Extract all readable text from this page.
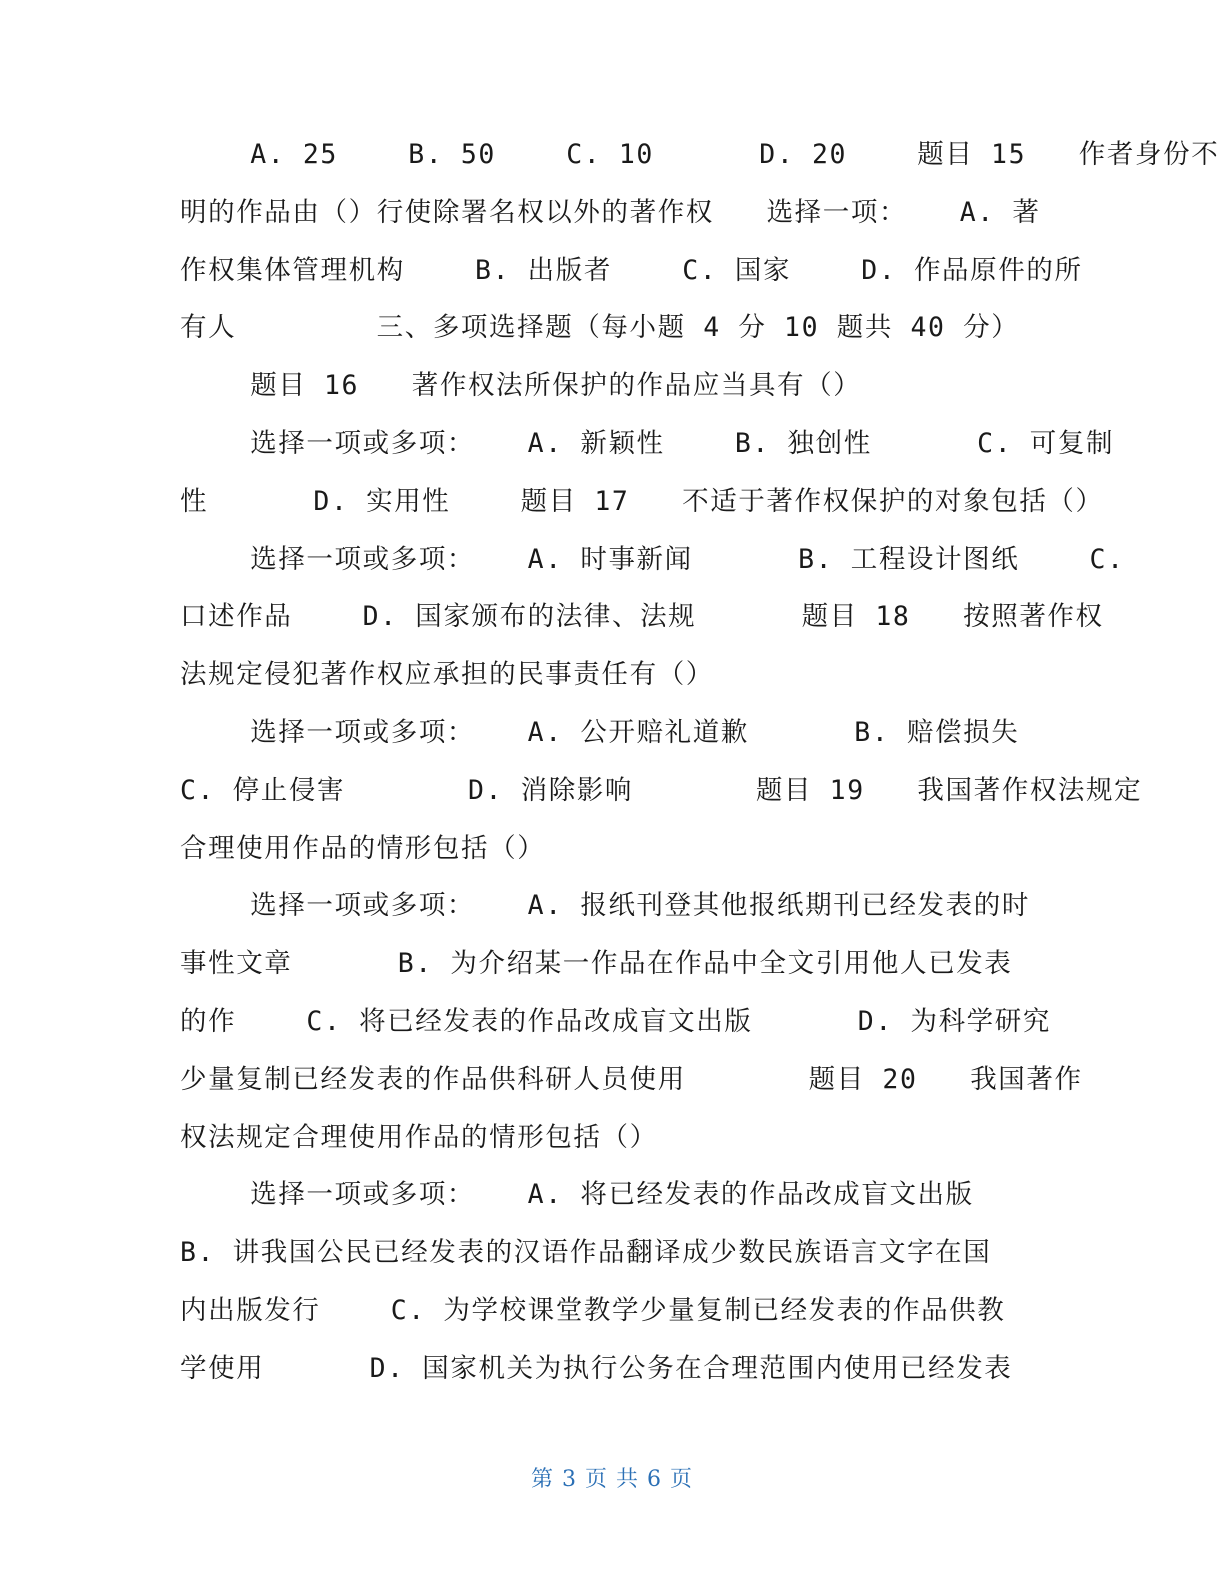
A. 25    B. 50    C. 10      D. 20    题目 15   作者身份不
明的作品由（）行使除署名权以外的著作权   选择一项：   A. 著
作权集体管理机构    B. 出版者    C. 国家    D. 作品原件的所
有人        三、多项选择题（每小题 4 分 10 题共 40 分）
题目 16   著作权法所保护的作品应当具有（）
选择一项或多项：   A. 新颖性    B. 独创性      C. 可复制
性      D. 实用性    题目 17   不适于著作权保护的对象包括（）
选择一项或多项：   A. 时事新闻      B. 工程设计图纸    C.
口述作品    D. 国家颁布的法律、法规      题目 18   按照著作权
法规定侵犯著作权应承担的民事责任有（）
选择一项或多项：   A. 公开赔礼道歉      B. 赔偿损失
C. 停止侵害       D. 消除影响       题目 19   我国著作权法规定
合理使用作品的情形包括（）
选择一项或多项：   A. 报纸刊登其他报纸期刊已经发表的时
事性文章      B. 为介绍某一作品在作品中全文引用他人已发表
的作    C. 将已经发表的作品改成盲文出版      D. 为科学研究
少量复制已经发表的作品供科研人员使用       题目 20   我国著作
权法规定合理使用作品的情形包括（）
选择一项或多项：   A. 将已经发表的作品改成盲文出版
B. 讲我国公民已经发表的汉语作品翻译成少数民族语言文字在国
内出版发行    C. 为学校课堂教学少量复制已经发表的作品供教
学使用      D. 国家机关为执行公务在合理范围内使用已经发表
第 3 页 共 6 页
